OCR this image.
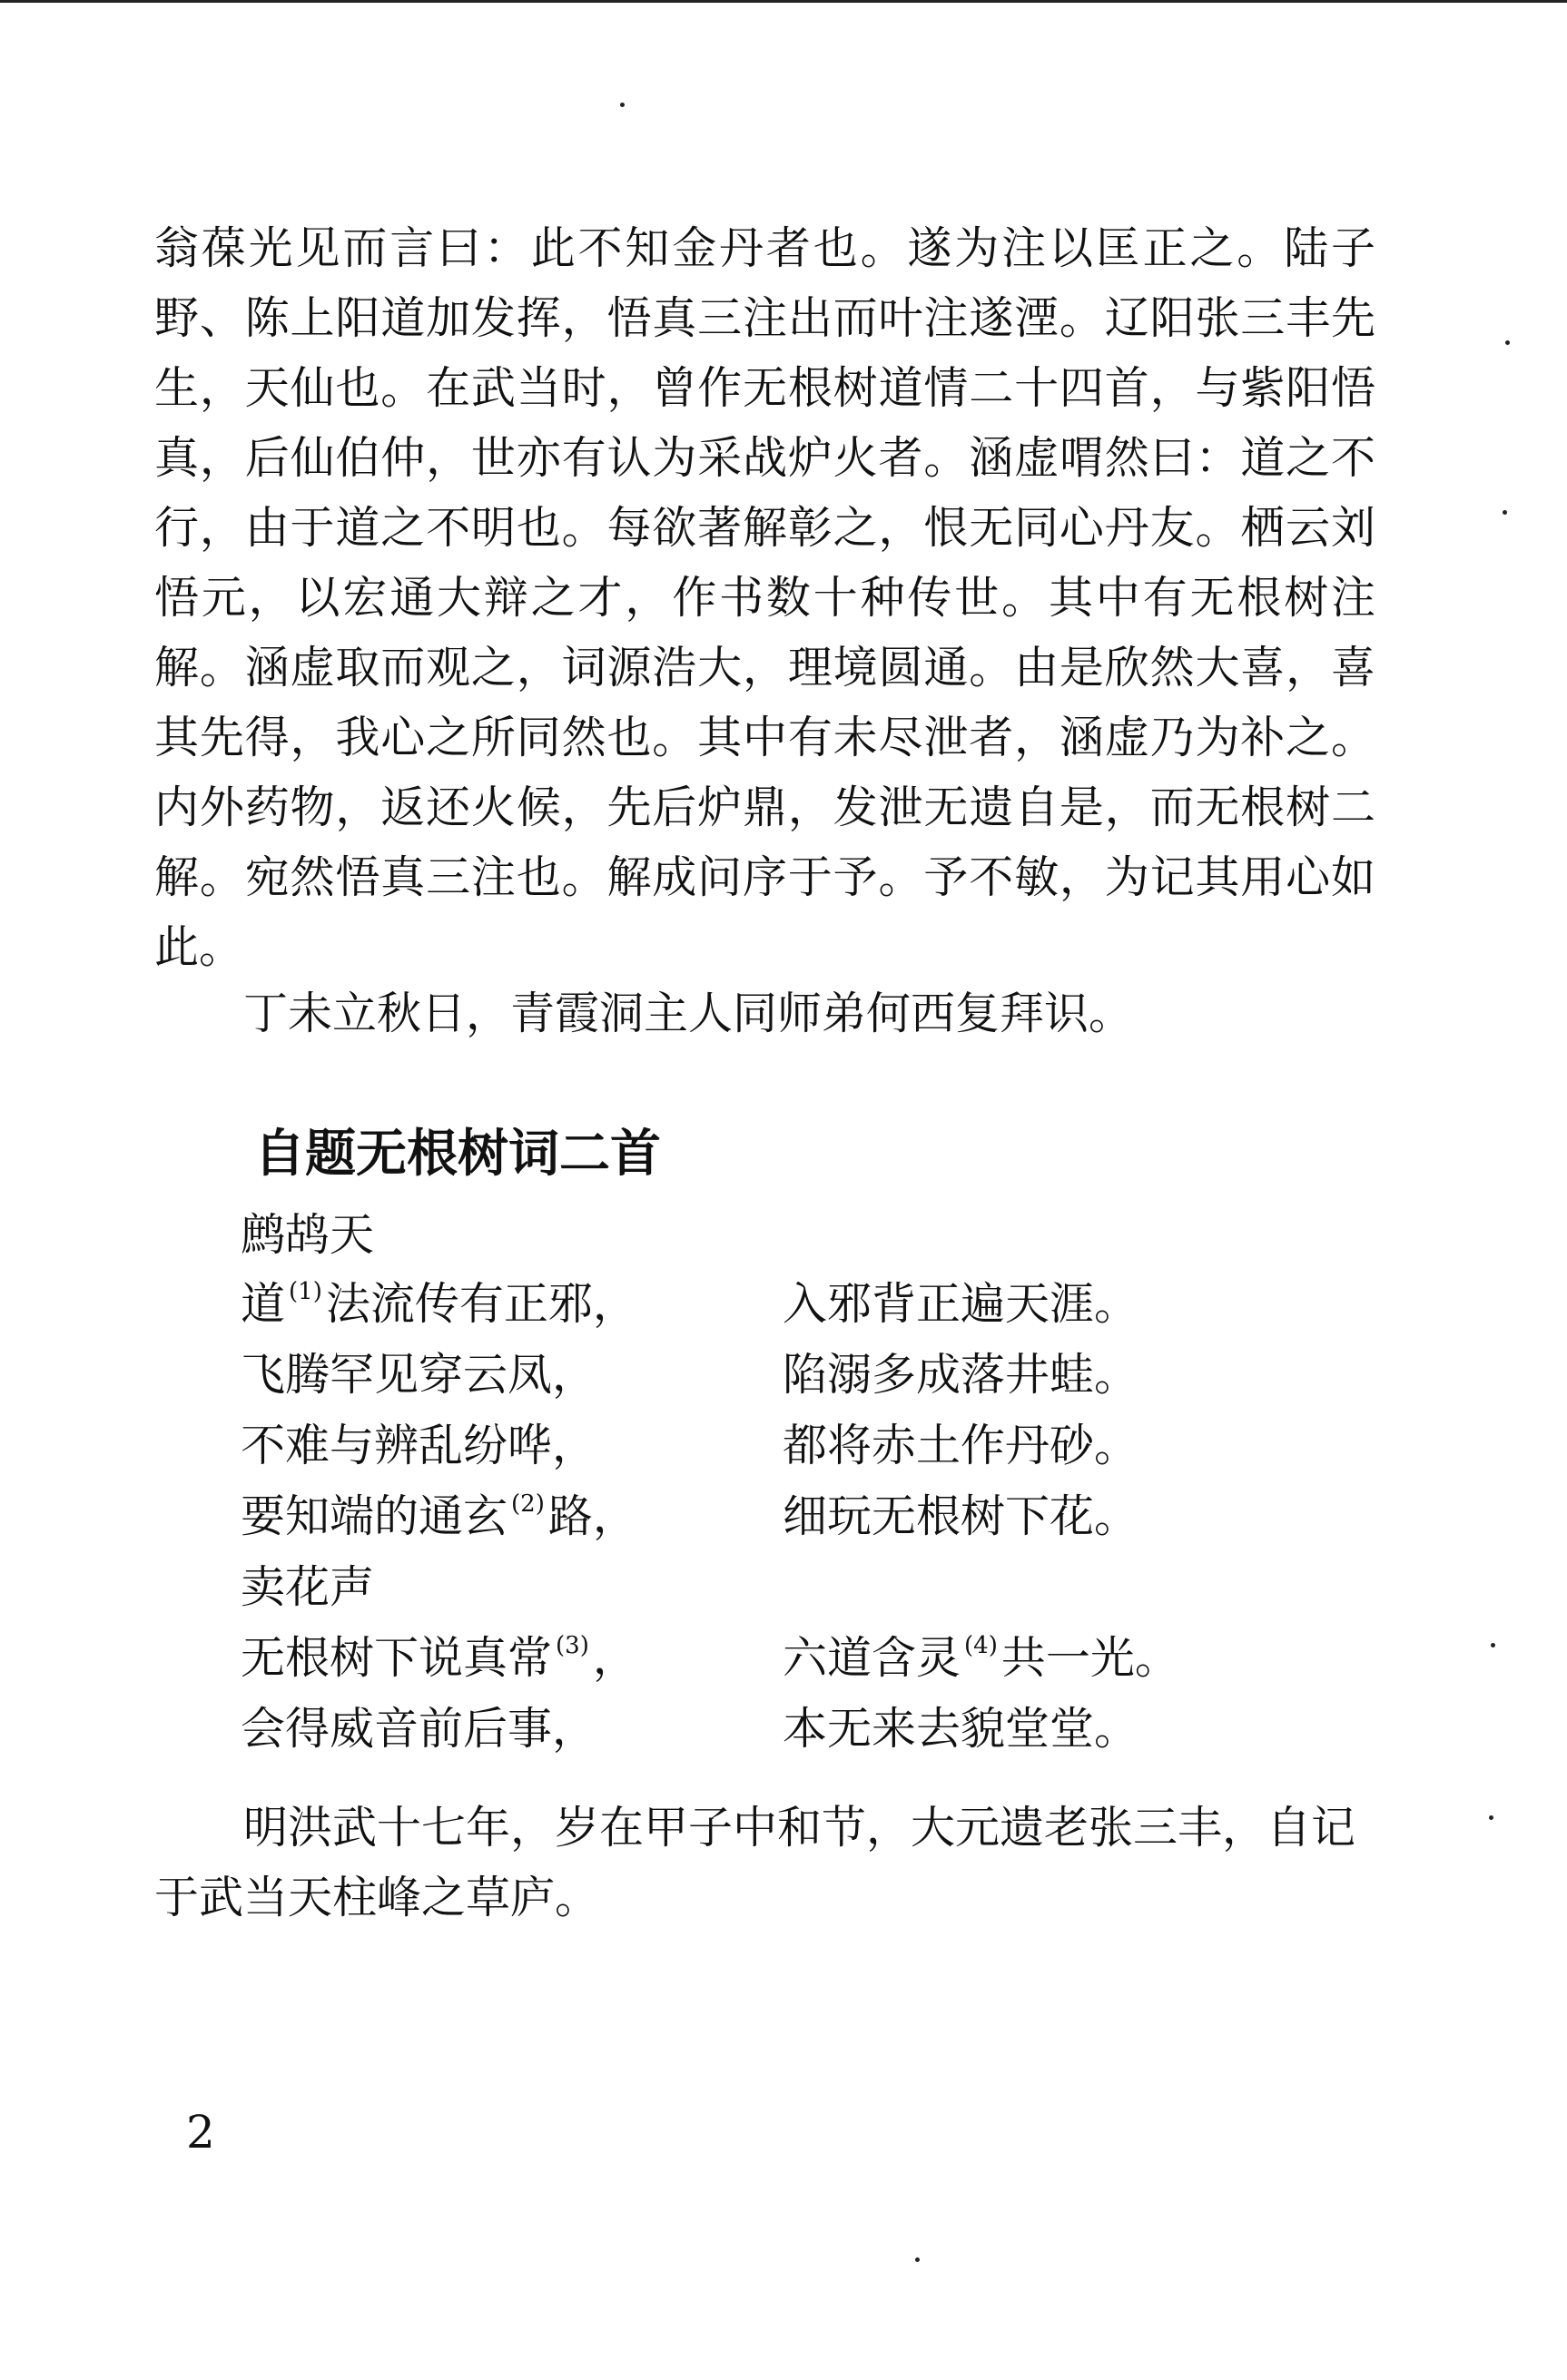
翁葆光见而言曰：此不知金丹者也。遂为注以匡正之。陆子野、陈上阳道加发挥，悟真三注出而叶注遂湮。辽阳张三丰先生，天仙也。在武当时，曾作无根树道情二十四首，与紫阳悟真，后仙伯仲，世亦有认为采战炉火者。涵虚喟然曰：道之不行，由于道之不明也。每欲著解彰之，恨无同心丹友。栖云刘悟元，以宏通大辩之才，作书数十种传世。其中有无根树注解。涵虚取而观之，词源浩大，理境圆通。由是欣然大喜，喜其先得，我心之所同然也。其中有未尽泄者，涵虚乃为补之。内外药物，返还火候，先后炉鼎，发泄无遗自是，而无根树二解。宛然悟真三注也。解成问序于予。予不敏，为记其用心如此。

丁未立秋日，青霞洞主人同师弟何西复拜识。

自题无根树词二首

鹧鸪天

道 $^{(1)}$法流传有正邪，	入邪背正遍天涯。

飞腾罕见穿云凤，	陷溺多成落井蛙。

不难与辨乱纷哗，	都将赤土作丹砂。

要知端的通玄 $^{(2)}$路，	细玩无根树下花。

卖花声

无根树下说真常 $^{(3)}$，	六道含灵 $^{(4)}$共一光。

会得威音前后事，	本无来去貌堂堂。

明洪武十七年，岁在甲子中和节，大元遗老张三丰，自记于武当天柱峰之草庐。

2
